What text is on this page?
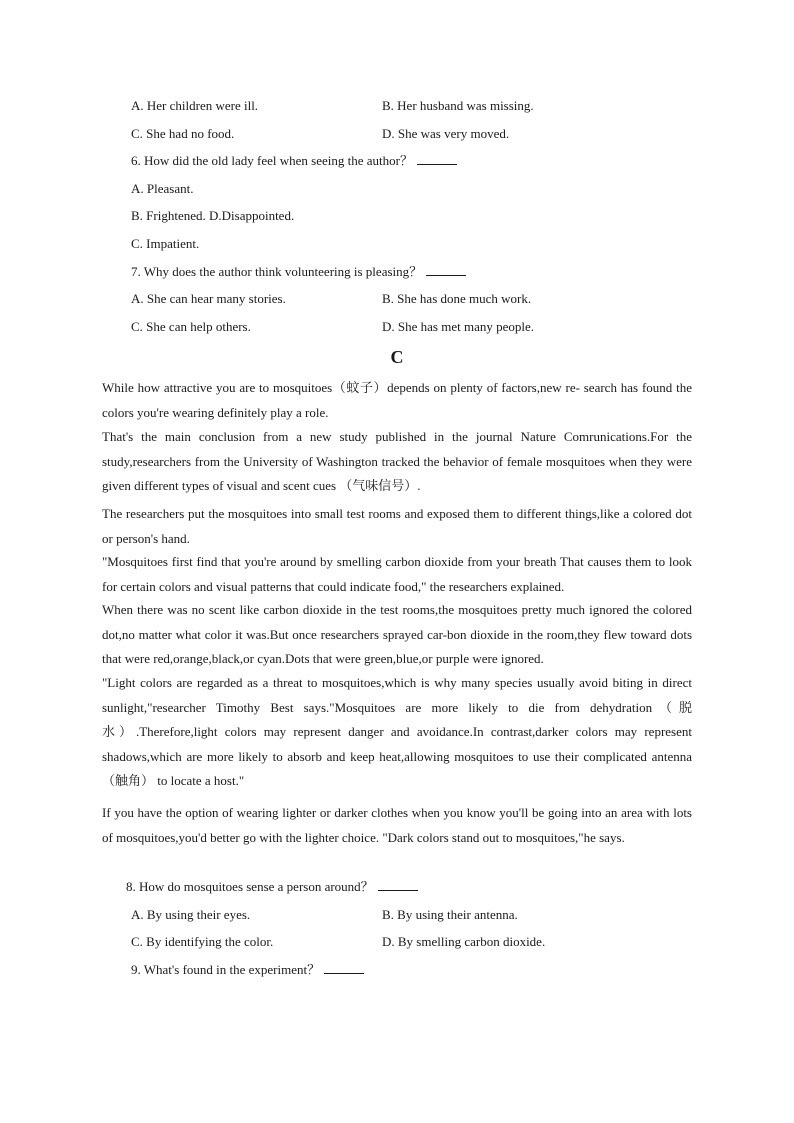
A. Her children were ill.	B. Her husband was missing.
C. She had no food.	D. She was very moved.
6. How did the old lady feel when seeing the author？
A. Pleasant.
B. Frightened. D.Disappointed.
C. Impatient.
7. Why does the author think volunteering is pleasing？
A. She can hear many stories.	B. She has done much work.
C. She can help others.	D. She has met many people.
C
While how attractive you are to mosquitoes（蚊子）depends on plenty of factors,new re- search has found the colors you're wearing definitely play a role.
That's the main conclusion from a new study published in the journal Nature Comrunications.For the study,researchers from the University of Washington tracked the behavior of female mosquitoes when they were given different types of visual and scent cues （气味信号）.
The researchers put the mosquitoes into small test rooms and exposed them to different things,like a colored dot or person's hand.
"Mosquitoes first find that you're around by smelling carbon dioxide from your breath That causes them to look for certain colors and visual patterns that could indicate food," the researchers explained.
When there was no scent like carbon dioxide in the test rooms,the mosquitoes pretty much ignored the colored dot,no matter what color it was.But once researchers sprayed car-bon dioxide in the room,they flew toward dots that were red,orange,black,or cyan.Dots that were green,blue,or purple were ignored.
"Light colors are regarded as a threat to mosquitoes,which is why many species usually avoid biting in direct sunlight,"researcher Timothy Best says."Mosquitoes are more likely to die from dehydration（脱水）.Therefore,light colors may represent danger and avoidance.In contrast,darker colors may represent shadows,which are more likely to absorb and keep heat,allowing mosquitoes to use their complicated antenna （触角） to locate a host."
If you have the option of wearing lighter or darker clothes when you know you'll be going into an area with lots of mosquitoes,you'd better go with the lighter choice. "Dark colors stand out to mosquitoes,"he says.
8. How do mosquitoes sense a person around？
A. By using their eyes.	B. By using their antenna.
C. By identifying the color.	D. By smelling carbon dioxide.
9. What's found in the experiment？
